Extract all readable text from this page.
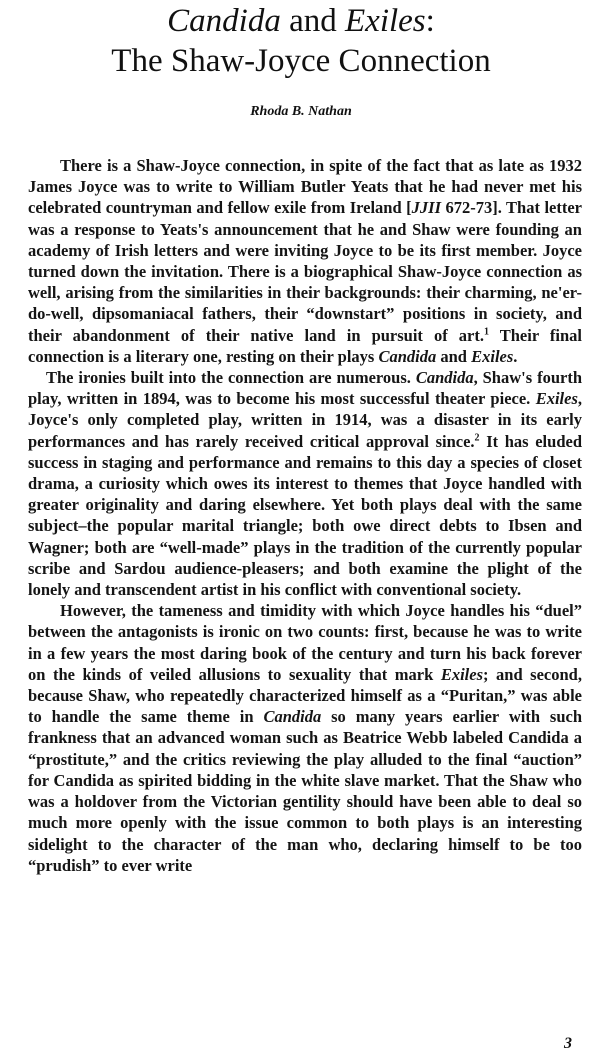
Candida and Exiles:
The Shaw-Joyce Connection
Rhoda B. Nathan

There is a Shaw-Joyce connection, in spite of the fact that as late as 1932 James Joyce was to write to William Butler Yeats that he had never met his celebrated countryman and fellow exile from Ireland [JJII 672-73]. That letter was a response to Yeats's announcement that he and Shaw were founding an academy of Irish letters and were inviting Joyce to be its first member. Joyce turned down the invitation. There is a biographical Shaw-Joyce connection as well, arising from the similarities in their backgrounds: their charming, ne'er-do-well, dipsomaniacal fathers, their “downstart” positions in society, and their abandonment of their native land in pursuit of art.$^1$ Their final connection is a literary one, resting on their plays Candida and Exiles.

The ironies built into the connection are numerous. Candida, Shaw's fourth play, written in 1894, was to become his most successful theater piece. Exiles, Joyce's only completed play, written in 1914, was a disaster in its early performances and has rarely received critical approval since.$^2$ It has eluded success in staging and performance and remains to this day a species of closet drama, a curiosity which owes its interest to themes that Joyce handled with greater originality and daring elsewhere. Yet both plays deal with the same subject–the popular marital triangle; both owe direct debts to Ibsen and Wagner; both are “well-made” plays in the tradition of the currently popular scribe and Sardou audience-pleasers; and both examine the plight of the lonely and transcendent artist in his conflict with conventional society.

However, the tameness and timidity with which Joyce handles his “duel” between the antagonists is ironic on two counts: first, because he was to write in a few years the most daring book of the century and turn his back forever on the kinds of veiled allusions to sexuality that mark Exiles; and second, because Shaw, who repeatedly characterized himself as a “Puritan,” was able to handle the same theme in Candida so many years earlier with such frankness that an advanced woman such as Beatrice Webb labeled Candida a “prostitute,” and the critics reviewing the play alluded to the final “auction” for Candida as spirited bidding in the white slave market. That the Shaw who was a holdover from the Victorian gentility should have been able to deal so much more openly with the issue common to both plays is an interesting sidelight to the character of the man who, declaring himself to be too “prudish” to ever write

3
